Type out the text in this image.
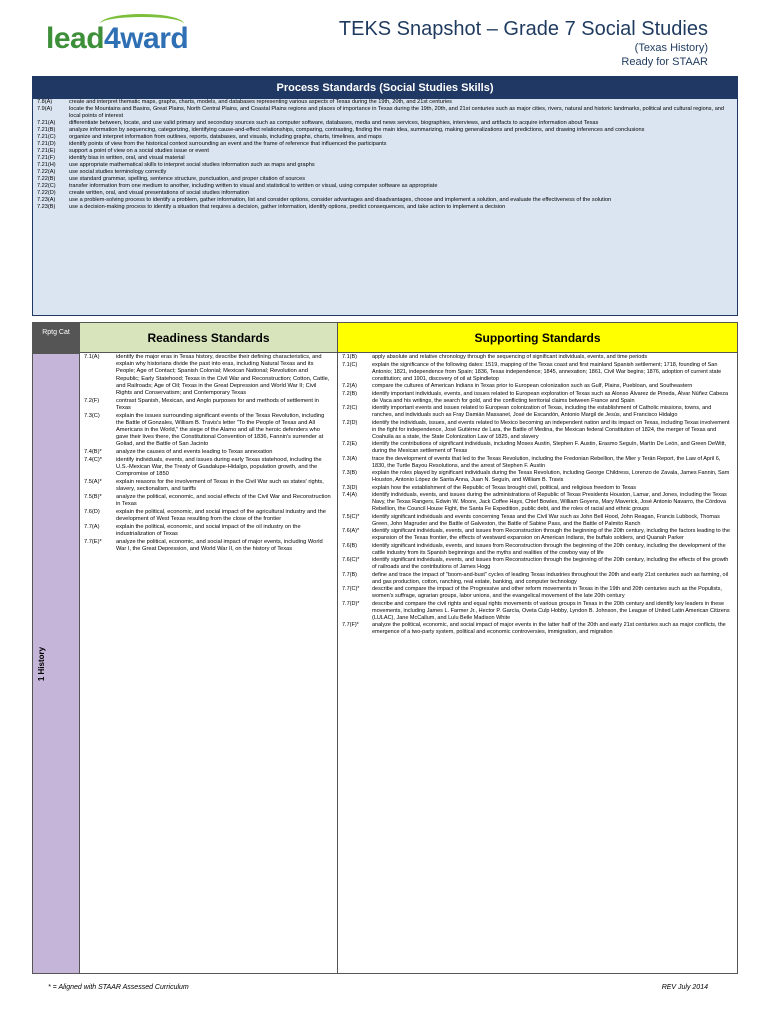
lead4ward	TEKS Snapshot – Grade 7 Social Studies
(Texas History)
Ready for STAAR
Process Standards (Social Studies Skills)
7.8(A)	create and interpret thematic maps, graphs, charts, models, and databases representing various aspects of Texas during the 19th, 20th, and 21st centuries
7.9(A)	locate the Mountains and Basins, Great Plains, North Central Plains, and Coastal Plains regions and places of importance in Texas during the 19th, 20th, and 21st centuries such as major cities, rivers, natural and historic landmarks, political and cultural regions, and local points of interest
7.21(A)	differentiate between, locate, and use valid primary and secondary sources such as computer software, databases, media and news services, biographies, interviews, and artifacts to acquire information about Texas
7.21(B)	analyze information by sequencing, categorizing, identifying cause-and-effect relationships, comparing, contrasting, finding the main idea, summarizing, making generalizations and predictions, and drawing inferences and conclusions
7.21(C)	organize and interpret information from outlines, reports, databases, and visuals, including graphs, charts, timelines, and maps
7.21(D)	identify points of view from the historical context surrounding an event and the frame of reference that influenced the participants
7.21(E)	support a point of view on a social studies issue or event
7.21(F)	identify bias in written, oral, and visual material
7.21(H)	use appropriate mathematical skills to interpret social studies information such as maps and graphs
7.22(A)	use social studies terminology correctly
7.22(B)	use standard grammar, spelling, sentence structure, punctuation, and proper citation of sources
7.22(C)	transfer information from one medium to another, including written to visual and statistical to written or visual, using computer software as appropriate
7.22(D)	create written, oral, and visual presentations of social studies information
7.23(A)	use a problem-solving process to identify a problem, gather information, list and consider options, consider advantages and disadvantages, choose and implement a solution, and evaluate the effectiveness of the solution
7.23(B)	use a decision-making process to identify a situation that requires a decision, gather information, identify options, predict consequences, and take action to implement a decision
Rptg Cat
1 History
Readiness Standards
7.1(A)	identify the major eras in Texas history, describe their defining characteristics, and explain why historians divide the past into eras, including Natural Texas and its People; Age of Contact; Spanish Colonial; Mexican National; Revolution and Republic; Early Statehood; Texas in the Civil War and Reconstruction; Cotton, Cattle, and Railroads; Age of Oil; Texas in the Great Depression and World War II; Civil Rights and Conservatism; and Contemporary Texas
7.2(F)	contrast Spanish, Mexican, and Anglo purposes for and methods of settlement in Texas
7.3(C)	explain the issues surrounding significant events of the Texas Revolution, including the Battle of Gonzales, William B. Travis's letter "To the People of Texas and All Americans in the World," the siege of the Alamo and all the heroic defenders who gave their lives there, the Constitutional Convention of 1836, Fannin's surrender at Goliad, and the Battle of San Jacinto
7.4(B)*	analyze the causes of and events leading to Texas annexation
7.4(C)*	identify individuals, events, and issues during early Texas statehood, including the U.S.-Mexican War, the Treaty of Guadalupe-Hidalgo, population growth, and the Compromise of 1850
7.5(A)*	explain reasons for the involvement of Texas in the Civil War such as states' rights, slavery, sectionalism, and tariffs
7.5(B)*	analyze the political, economic, and social effects of the Civil War and Reconstruction in Texas
7.6(D)	explain the political, economic, and social impact of the agricultural industry and the development of West Texas resulting from the close of the frontier
7.7(A)	explain the political, economic, and social impact of the oil industry on the industrialization of Texas
7.7(E)*	analyze the political, economic, and social impact of major events, including World War I, the Great Depression, and World War II, on the history of Texas
Supporting Standards
7.1(B)	apply absolute and relative chronology through the sequencing of significant individuals, events, and time periods
7.1(C)	explain the significance of the following dates: 1519, mapping of the Texas coast and first mainland Spanish settlement; 1718, founding of San Antonio; 1821, independence from Spain; 1836, Texas independence; 1845, annexation; 1861, Civil War begins; 1876, adoption of current state constitution; and 1901, discovery of oil at Spindletop
7.2(A)	compare the cultures of American Indians in Texas prior to European colonization such as Gulf, Plains, Puebloan, and Southeastern
7.2(B)	identify important individuals, events, and issues related to European exploration of Texas such as Alonso Álvarez de Pineda, Álvar Núñez Cabeza de Vaca and his writings, the search for gold, and the conflicting territorial claims between France and Spain
7.2(C)	identify important events and issues related to European colonization of Texas, including the establishment of Catholic missions, towns, and ranches, and individuals such as Fray Damián Massanet, José de Escandón, Antonio Margil de Jesús, and Francisco Hidalgo
7.2(D)	identify the individuals, issues, and events related to Mexico becoming an independent nation and its impact on Texas, including Texas involvement in the fight for independence, José Gutiérrez de Lara, the Battle of Medina, the Mexican federal Constitution of 1824, the merger of Texas and Coahuila as a state, the State Colonization Law of 1825, and slavery
7.2(E)	identify the contributions of significant individuals, including Moses Austin, Stephen F. Austin, Erasmo Seguín, Martín De León, and Green DeWitt, during the Mexican settlement of Texas
7.3(A)	trace the development of events that led to the Texas Revolution, including the Fredonian Rebellion, the Mier y Terán Report, the Law of April 6, 1830, the Turtle Bayou Resolutions, and the arrest of Stephen F. Austin
7.3(B)	explain the roles played by significant individuals during the Texas Revolution, including George Childress, Lorenzo de Zavala, James Fannin, Sam Houston, Antonio López de Santa Anna, Juan N. Seguín, and William B. Travis
7.3(D)	explain how the establishment of the Republic of Texas brought civil, political, and religious freedom to Texas
7.4(A)	identify individuals, events, and issues during the administrations of Republic of Texas Presidents Houston, Lamar, and Jones, including the Texas Navy, the Texas Rangers, Edwin W. Moore, Jack Coffee Hays, Chief Bowles, William Goyens, Mary Maverick, José Antonio Navarro, the Córdova Rebellion, the Council House Fight, the Santa Fe Expedition, public debt, and the roles of racial and ethnic groups
7.5(C)*	identify significant individuals and events concerning Texas and the Civil War such as John Bell Hood, John Reagan, Francis Lubbock, Thomas Green, John Magruder and the Battle of Galveston, the Battle of Sabine Pass, and the Battle of Palmito Ranch
7.6(A)*	identify significant individuals, events, and issues from Reconstruction through the beginning of the 20th century, including the factors leading to the expansion of the Texas frontier, the effects of westward expansion on American Indians, the buffalo soldiers, and Quanah Parker
7.6(B)	identify significant individuals, events, and issues from Reconstruction through the beginning of the 20th century, including the development of the cattle industry from its Spanish beginnings and the myths and realities of the cowboy way of life
7.6(C)*	identify significant individuals, events, and issues from Reconstruction through the beginning of the 20th century, including the effects of the growth of railroads and the contributions of James Hogg
7.7(B)	define and trace the impact of "boom-and-bust" cycles of leading Texas industries throughout the 20th and early 21st centuries such as farming, oil and gas production, cotton, ranching, real estate, banking, and computer technology
7.7(C)*	describe and compare the impact of the Progressive and other reform movements in Texas in the 19th and 20th centuries such as the Populists, women's suffrage, agrarian groups, labor unions, and the evangelical movement of the late 20th century
7.7(D)*	describe and compare the civil rights and equal rights movements of various groups in Texas in the 20th century and identify key leaders in these movements, including James L. Farmer Jr., Hector P. García, Oveta Culp Hobby, Lyndon B. Johnson, the League of United Latin American Citizens (LULAC), Jane McCallum, and Lulu Belle Madison White
7.7(F)*	analyze the political, economic, and social impact of major events in the latter half of the 20th and early 21st centuries such as major conflicts, the emergence of a two-party system, political and economic controversies, immigration, and migration
* = Aligned with STAAR Assessed Curriculum	REV July 2014
